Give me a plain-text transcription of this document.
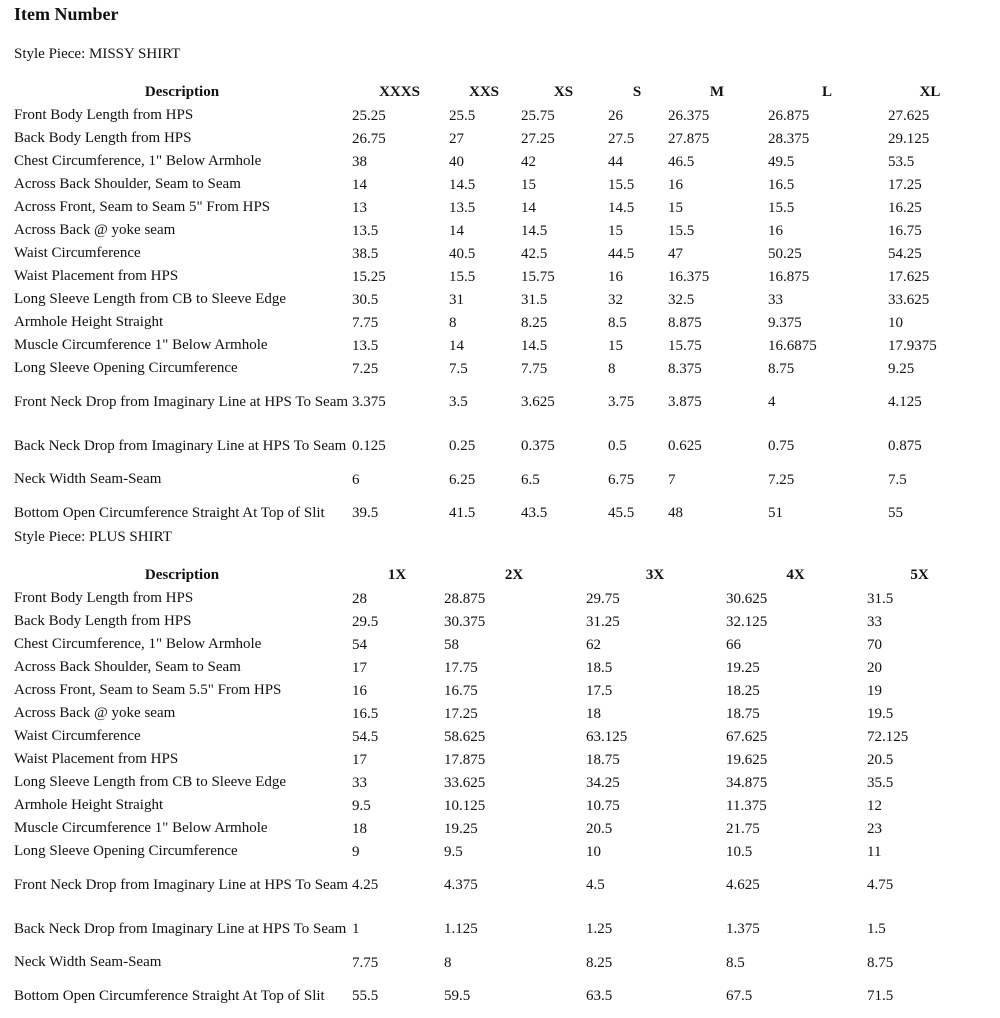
Item Number
Style Piece: MISSY SHIRT
Description	XXXS	XXS	XS	S	M	L	XL
Front Body Length from HPS	25.25	25.5	25.75	26	26.375	26.875	27.625
Back Body Length from HPS	26.75	27	27.25	27.5	27.875	28.375	29.125
Chest Circumference, 1" Below Armhole	38	40	42	44	46.5	49.5	53.5
Across Back Shoulder, Seam to Seam	14	14.5	15	15.5	16	16.5	17.25
Across Front, Seam to Seam 5" From HPS	13	13.5	14	14.5	15	15.5	16.25
Across Back @ yoke seam	13.5	14	14.5	15	15.5	16	16.75
Waist Circumference	38.5	40.5	42.5	44.5	47	50.25	54.25
Waist Placement from HPS	15.25	15.5	15.75	16	16.375	16.875	17.625
Long Sleeve Length from CB to Sleeve Edge	30.5	31	31.5	32	32.5	33	33.625
Armhole Height Straight	7.75	8	8.25	8.5	8.875	9.375	10
Muscle Circumference 1" Below Armhole	13.5	14	14.5	15	15.75	16.6875	17.9375
Long Sleeve Opening Circumference	7.25	7.5	7.75	8	8.375	8.75	9.25
Front Neck Drop from Imaginary Line at HPS To Seam	3.375	3.5	3.625	3.75	3.875	4	4.125
Back Neck Drop from Imaginary Line at HPS To Seam	0.125	0.25	0.375	0.5	0.625	0.75	0.875
Neck Width Seam-Seam	6	6.25	6.5	6.75	7	7.25	7.5
Bottom Open Circumference Straight At Top of Slit	39.5	41.5	43.5	45.5	48	51	55
Style Piece: PLUS SHIRT
Description	1X	2X	3X	4X	5X
Front Body Length from HPS	28	28.875	29.75	30.625	31.5
Back Body Length from HPS	29.5	30.375	31.25	32.125	33
Chest Circumference, 1" Below Armhole	54	58	62	66	70
Across Back Shoulder, Seam to Seam	17	17.75	18.5	19.25	20
Across Front, Seam to Seam 5.5" From HPS	16	16.75	17.5	18.25	19
Across Back @ yoke seam	16.5	17.25	18	18.75	19.5
Waist Circumference	54.5	58.625	63.125	67.625	72.125
Waist Placement from HPS	17	17.875	18.75	19.625	20.5
Long Sleeve Length from CB to Sleeve Edge	33	33.625	34.25	34.875	35.5
Armhole Height Straight	9.5	10.125	10.75	11.375	12
Muscle Circumference 1" Below Armhole	18	19.25	20.5	21.75	23
Long Sleeve Opening Circumference	9	9.5	10	10.5	11
Front Neck Drop from Imaginary Line at HPS To Seam	4.25	4.375	4.5	4.625	4.75
Back Neck Drop from Imaginary Line at HPS To Seam	1	1.125	1.25	1.375	1.5
Neck Width Seam-Seam	7.75	8	8.25	8.5	8.75
Bottom Open Circumference Straight At Top of Slit	55.5	59.5	63.5	67.5	71.5
